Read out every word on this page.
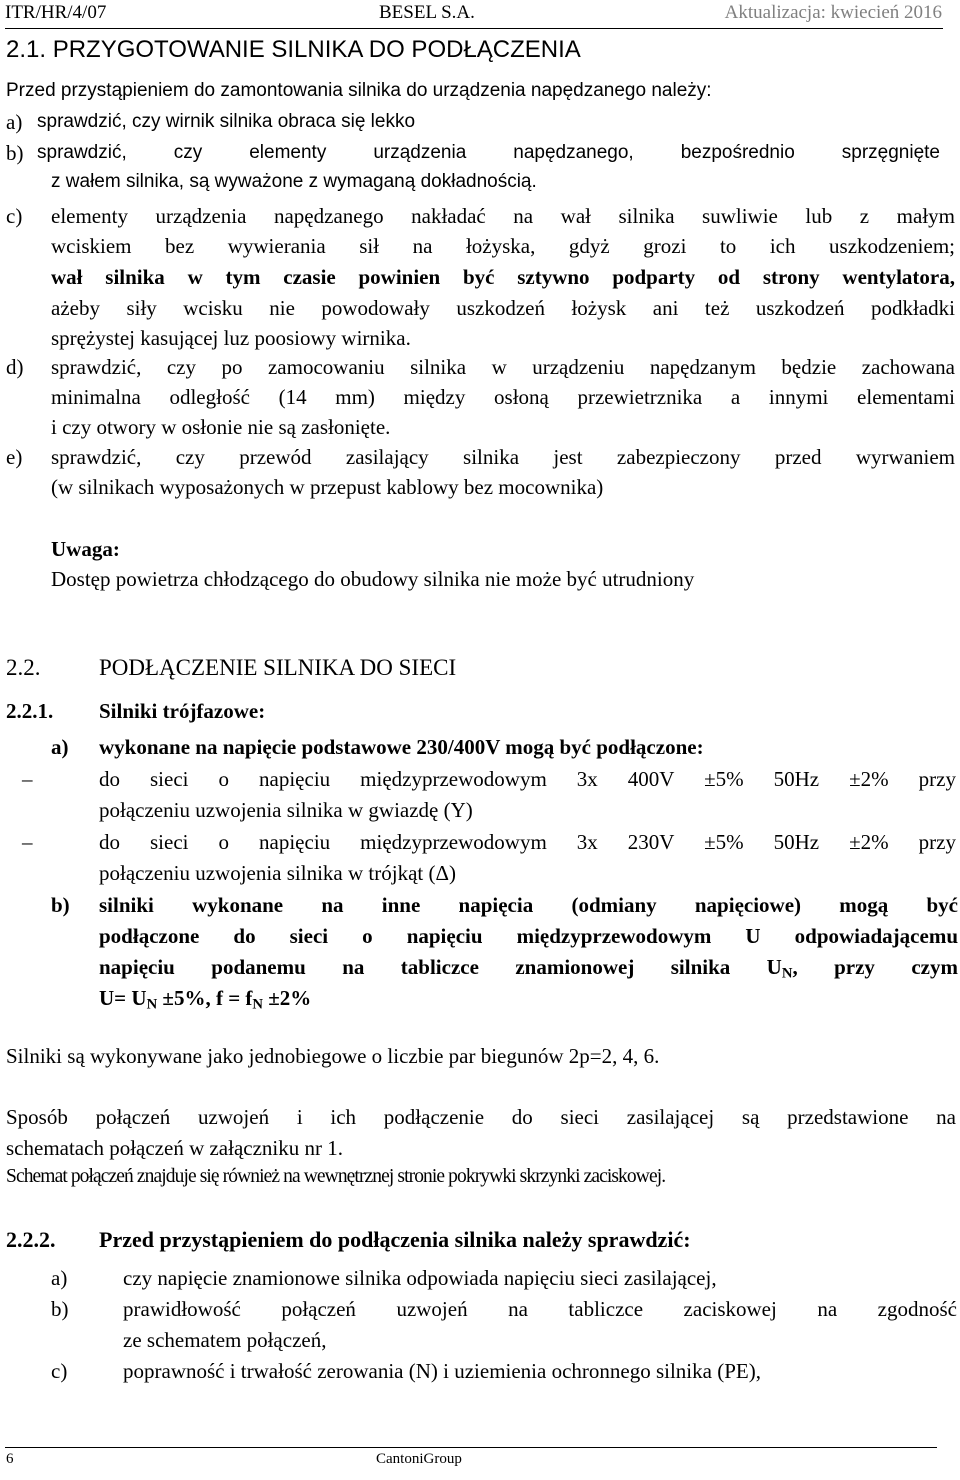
ITR/HR/4/07	BESEL S.A.	Aktualizacja: kwiecień 2016
2.1. PRZYGOTOWANIE SILNIKA DO PODŁĄCZENIA
Przed przystąpieniem do zamontowania silnika do urządzenia napędzanego należy:
a) sprawdzić, czy wirnik silnika obraca się lekko
b) sprawdzić, czy elementy urządzenia napędzanego, bezpośrednio sprzęgnięte
z wałem silnika, są wyważone z wymaganą dokładnością.
c) elementy urządzenia napędzanego nakładać na wał silnika suwliwie lub z małym
wciskiem bez wywierania sił na łożyska, gdyż grozi to ich uszkodzeniem;
wał silnika w tym czasie powinien być sztywno podparty od strony wentylatora,
ażeby siły wcisku nie powodowały uszkodzeń łożysk ani też uszkodzeń podkładki
sprężystej kasującej luz poosiowy wirnika.
d) sprawdzić, czy po zamocowaniu silnika w urządzeniu napędzanym będzie zachowana
minimalna odległość (14 mm) między osłoną przewietrznika a innymi elementami
i czy otwory w osłonie nie są zasłonięte.
e) sprawdzić, czy przewód zasilający silnika jest zabezpieczony przed wyrwaniem
(w silnikach wyposażonych w przepust kablowy bez mocownika)
Uwaga:
Dostęp powietrza chłodzącego do obudowy silnika nie może być utrudniony
2.2.	PODŁĄCZENIE SILNIKA DO SIECI
2.2.1. Silniki trójfazowe:
a) wykonane na napięcie podstawowe 230/400V mogą być podłączone:
–	do sieci o napięciu międzyprzewodowym 3x 400V ±5% 50Hz ±2% przy
połączeniu uzwojenia silnika w gwiazdę (Y)
–	do sieci o napięciu międzyprzewodowym 3x 230V ±5% 50Hz ±2% przy
połączeniu uzwojenia silnika w trójkąt (Δ)
b) silniki wykonane na inne napięcia (odmiany napięciowe) mogą być
podłączone do sieci o napięciu międzyprzewodowym U odpowiadającemu
napięciu podanemu na tabliczce znamionowej silnika $U_N$, przy czym
$U= U_N \pm 5\%$, $f = f_N \pm 2\%$
Silniki są wykonywane jako jednobiegowe o liczbie par biegunów 2p=2, 4, 6.
Sposób połączeń uzwojeń i ich podłączenie do sieci zasilającej są przedstawione na
schematach połączeń w załączniku nr 1.
Schemat połączeń znajduje się również na wewnętrznej stronie pokrywki skrzynki zaciskowej.
2.2.2. Przed przystąpieniem do podłączenia silnika należy sprawdzić:
a)	czy napięcie znamionowe silnika odpowiada napięciu sieci zasilającej,
b)	prawidłowość połączeń uzwojeń na tabliczce zaciskowej na zgodność
ze schematem połączeń,
c)	poprawność i trwałość zerowania (N) i uziemienia ochronnego silnika (PE),
6	CantoniGroup
